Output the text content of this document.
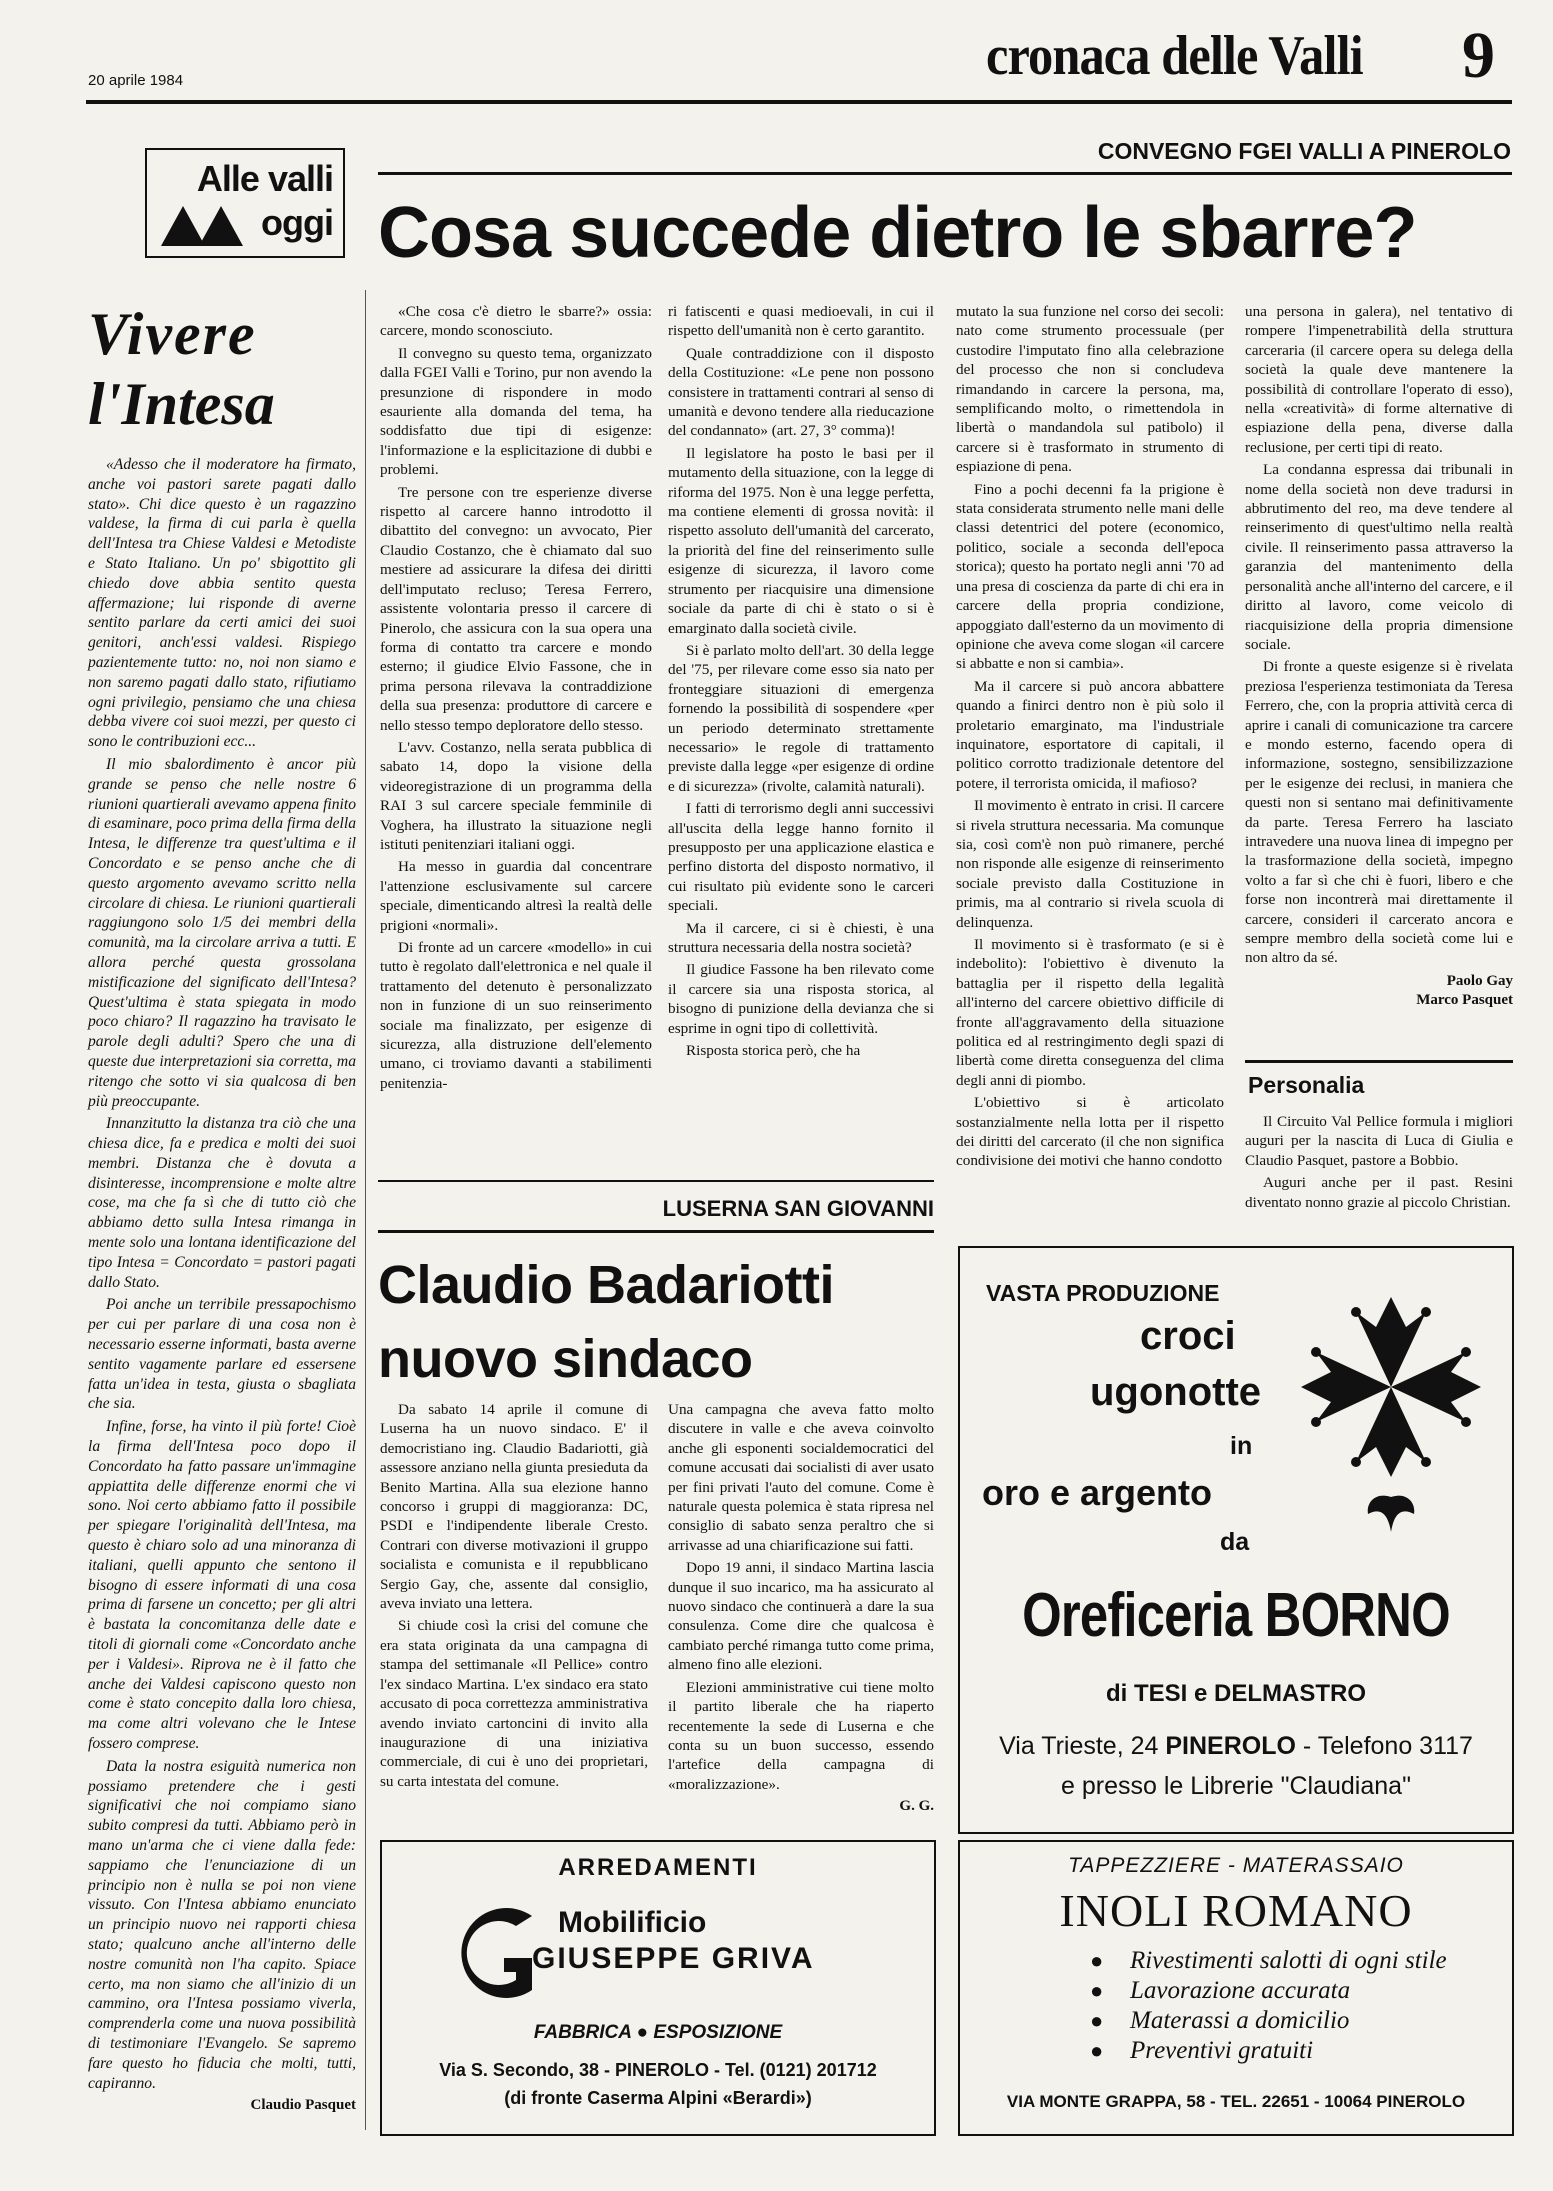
20 aprile 1984	cronaca delle Valli 9
Alle valli
oggi
Vivere
l'Intesa

«Adesso che il moderatore ha firmato, anche voi pastori sarete pagati dallo stato». Chi dice questo è un ragazzino valdese, la firma di cui parla è quella dell'Intesa tra Chiese Valdesi e Metodiste e Stato Italiano. Un po' sbigottito gli chiedo dove abbia sentito questa affermazione; lui risponde di averne sentito parlare da certi amici dei suoi genitori, anch'essi valdesi. Rispiego pazientemente tutto: no, noi non siamo e non saremo pagati dallo stato, rifiutiamo ogni privilegio, pensiamo che una chiesa debba vivere coi suoi mezzi, per questo ci sono le contribuzioni ecc...

Il mio sbalordimento è ancor più grande se penso che nelle nostre 6 riunioni quartierali avevamo appena finito di esaminare, poco prima della firma della Intesa, le differenze tra quest'ultima e il Concordato e se penso anche che di questo argomento avevamo scritto nella circolare di chiesa. Le riunioni quartierali raggiungono solo 1/5 dei membri della comunità, ma la circolare arriva a tutti. E allora perché questa grossolana mistificazione del significato dell'Intesa? Quest'ultima è stata spiegata in modo poco chiaro? Il ragazzino ha travisato le parole degli adulti? Spero che una di queste due interpretazioni sia corretta, ma ritengo che sotto vi sia qualcosa di ben più preoccupante.

Innanzitutto la distanza tra ciò che una chiesa dice, fa e predica e molti dei suoi membri. Distanza che è dovuta a disinteresse, incomprensione e molte altre cose, ma che fa sì che di tutto ciò che abbiamo detto sulla Intesa rimanga in mente solo una lontana identificazione del tipo Intesa = Concordato = pastori pagati dallo Stato.

Poi anche un terribile pressapochismo per cui per parlare di una cosa non è necessario esserne informati, basta averne sentito vagamente parlare ed essersene fatta un'idea in testa, giusta o sbagliata che sia.

Infine, forse, ha vinto il più forte! Cioè la firma dell'Intesa poco dopo il Concordato ha fatto passare un'immagine appiattita delle differenze enormi che vi sono. Noi certo abbiamo fatto il possibile per spiegare l'originalità dell'Intesa, ma questo è chiaro solo ad una minoranza di italiani, quelli appunto che sentono il bisogno di essere informati di una cosa prima di farsene un concetto; per gli altri è bastata la concomitanza delle date e titoli di giornali come «Concordato anche per i Valdesi». Riprova ne è il fatto che anche dei Valdesi capiscono questo non come è stato concepito dalla loro chiesa, ma come altri volevano che le Intese fossero comprese.

Data la nostra esiguità numerica non possiamo pretendere che i gesti significativi che noi compiamo siano subito compresi da tutti. Abbiamo però in mano un'arma che ci viene dalla fede: sappiamo che l'enunciazione di un principio non è nulla se poi non viene vissuto. Con l'Intesa abbiamo enunciato un principio nuovo nei rapporti chiesa stato; qualcuno anche all'interno delle nostre comunità non l'ha capito. Spiace certo, ma non siamo che all'inizio di un cammino, ora l'Intesa possiamo viverla, comprenderla come una nuova possibilità di testimoniare l'Evangelo. Se sapremo fare questo ho fiducia che molti, tutti, capiranno.

Claudio Pasquet
CONVEGNO FGEI VALLI A PINEROLO
Cosa succede dietro le sbarre?

«Che cosa c'è dietro le sbarre?» ossia: carcere, mondo sconosciuto.

Il convegno su questo tema, organizzato dalla FGEI Valli e Torino, pur non avendo la presunzione di rispondere in modo esauriente alla domanda del tema, ha soddisfatto due tipi di esigenze: l'informazione e la esplicitazione di dubbi e problemi.

Tre persone con tre esperienze diverse rispetto al carcere hanno introdotto il dibattito del convegno: un avvocato, Pier Claudio Costanzo, che è chiamato dal suo mestiere ad assicurare la difesa dei diritti dell'imputato recluso; Teresa Ferrero, assistente volontaria presso il carcere di Pinerolo, che assicura con la sua opera una forma di contatto tra carcere e mondo esterno; il giudice Elvio Fassone, che in prima persona rilevava la contraddizione della sua presenza: produttore di carcere e nello stesso tempo deploratore dello stesso.

L'avv. Costanzo, nella serata pubblica di sabato 14, dopo la visione della videoregistrazione di un programma della RAI 3 sul carcere speciale femminile di Voghera, ha illustrato la situazione negli istituti penitenziari italiani oggi.

Ha messo in guardia dal concentrare l'attenzione esclusivamente sul carcere speciale, dimenticando altresì la realtà delle prigioni «normali».

Di fronte ad un carcere «modello» in cui tutto è regolato dall'elettronica e nel quale il trattamento del detenuto è personalizzato non in funzione di un suo reinserimento sociale ma finalizzato, per esigenze di sicurezza, alla distruzione dell'elemento umano, ci troviamo davanti a stabilimenti penitenzia-

ri fatiscenti e quasi medioevali, in cui il rispetto dell'umanità non è certo garantito.

Quale contraddizione con il disposto della Costituzione: «Le pene non possono consistere in trattamenti contrari al senso di umanità e devono tendere alla rieducazione del condannato» (art. 27, 3° comma)!

Il legislatore ha posto le basi per il mutamento della situazione, con la legge di riforma del 1975. Non è una legge perfetta, ma contiene elementi di grossa novità: il rispetto assoluto dell'umanità del carcerato, la priorità del fine del reinserimento sulle esigenze di sicurezza, il lavoro come strumento per riacquisire una dimensione sociale da parte di chi è stato o si è emarginato dalla società civile.

Si è parlato molto dell'art. 30 della legge del '75, per rilevare come esso sia nato per fronteggiare situazioni di emergenza fornendo la possibilità di sospendere «per un periodo determinato strettamente necessario» le regole di trattamento previste dalla legge «per esigenze di ordine e di sicurezza» (rivolte, calamità naturali).

I fatti di terrorismo degli anni successivi all'uscita della legge hanno fornito il presupposto per una applicazione elastica e perfino distorta del disposto normativo, il cui risultato più evidente sono le carceri speciali.

Ma il carcere, ci si è chiesti, è una struttura necessaria della nostra società?

Il giudice Fassone ha ben rilevato come il carcere sia una risposta storica, al bisogno di punizione della devianza che si esprime in ogni tipo di collettività.

Risposta storica però, che ha

mutato la sua funzione nel corso dei secoli: nato come strumento processuale (per custodire l'imputato fino alla celebrazione del processo che non si concludeva rimandando in carcere la persona, ma, semplificando molto, o rimettendola in libertà o mandandola sul patibolo) il carcere si è trasformato in strumento di espiazione di pena.

Fino a pochi decenni fa la prigione è stata considerata strumento nelle mani delle classi detentrici del potere (economico, politico, sociale a seconda dell'epoca storica); questo ha portato negli anni '70 ad una presa di coscienza da parte di chi era in carcere della propria condizione, appoggiato dall'esterno da un movimento di opinione che aveva come slogan «il carcere si abbatte e non si cambia».

Ma il carcere si può ancora abbattere quando a finirci dentro non è più solo il proletario emarginato, ma l'industriale inquinatore, esportatore di capitali, il politico corrotto tradizionale detentore del potere, il terrorista omicida, il mafioso?

Il movimento è entrato in crisi. Il carcere si rivela struttura necessaria. Ma comunque sia, così com'è non può rimanere, perché non risponde alle esigenze di reinserimento sociale previsto dalla Costituzione in primis, ma al contrario si rivela scuola di delinquenza.

Il movimento si è trasformato (e si è indebolito): l'obiettivo è divenuto la battaglia per il rispetto della legalità all'interno del carcere obiettivo difficile di fronte all'aggravamento della situazione politica ed al restringimento degli spazi di libertà come diretta conseguenza del clima degli anni di piombo.

L'obiettivo si è articolato sostanzialmente nella lotta per il rispetto dei diritti del carcerato (il che non significa condivisione dei motivi che hanno condotto

una persona in galera), nel tentativo di rompere l'impenetrabilità della struttura carceraria (il carcere opera su delega della società la quale deve mantenere la possibilità di controllare l'operato di esso), nella «creatività» di forme alternative di espiazione della pena, diverse dalla reclusione, per certi tipi di reato.

La condanna espressa dai tribunali in nome della società non deve tradursi in abbrutimento del reo, ma deve tendere al reinserimento di quest'ultimo nella realtà civile. Il reinserimento passa attraverso la garanzia del mantenimento della personalità anche all'interno del carcere, e il diritto al lavoro, come veicolo di riacquisizione della propria dimensione sociale.

Di fronte a queste esigenze si è rivelata preziosa l'esperienza testimoniata da Teresa Ferrero, che, con la propria attività cerca di aprire i canali di comunicazione tra carcere e mondo esterno, facendo opera di informazione, sostegno, sensibilizzazione per le esigenze dei reclusi, in maniera che questi non si sentano mai definitivamente da parte. Teresa Ferrero ha lasciato intravedere una nuova linea di impegno per la trasformazione della società, impegno volto a far sì che chi è fuori, libero e che forse non incontrerà mai direttamente il carcere, consideri il carcerato ancora e sempre membro della società come lui e non altro da sé.

Paolo Gay
Marco Pasquet
Personalia

Il Circuito Val Pellice formula i migliori auguri per la nascita di Luca di Giulia e Claudio Pasquet, pastore a Bobbio.

Auguri anche per il past. Resini diventato nonno grazie al piccolo Christian.

LUSERNA SAN GIOVANNI
Claudio Badariotti
nuovo sindaco

Da sabato 14 aprile il comune di Luserna ha un nuovo sindaco. E' il democristiano ing. Claudio Badariotti, già assessore anziano nella giunta presieduta da Benito Martina. Alla sua elezione hanno concorso i gruppi di maggioranza: DC, PSDI e l'indipendente liberale Cresto. Contrari con diverse motivazioni il gruppo socialista e comunista e il repubblicano Sergio Gay, che, assente dal consiglio, aveva inviato una lettera.

Si chiude così la crisi del comune che era stata originata da una campagna di stampa del settimanale «Il Pellice» contro l'ex sindaco Martina. L'ex sindaco era stato accusato di poca correttezza amministrativa avendo inviato cartoncini di invito alla inaugurazione di una iniziativa commerciale, di cui è uno dei proprietari, su carta intestata del comune.

Una campagna che aveva fatto molto discutere in valle e che aveva coinvolto anche gli esponenti socialdemocratici del comune accusati dai socialisti di aver usato per fini privati l'auto del comune. Come è naturale questa polemica è stata ripresa nel consiglio di sabato senza peraltro che si arrivasse ad una chiarificazione sui fatti.

Dopo 19 anni, il sindaco Martina lascia dunque il suo incarico, ma ha assicurato al nuovo sindaco che continuerà a dare la sua consulenza. Come dire che qualcosa è cambiato perché rimanga tutto come prima, almeno fino alle elezioni.

Elezioni amministrative cui tiene molto il partito liberale che ha riaperto recentemente la sede di Luserna e che conta su un buon successo, essendo l'artefice della campagna di «moralizzazione».

G. G.
VASTA PRODUZIONE
croci
ugonotte
in
oro e argento
da
Oreficeria BORNO
di TESI e DELMASTRO
Via Trieste, 24 PINEROLO - Telefono 3117
e presso le Librerie "Claudiana"
ARREDAMENTI
Mobilificio
GIUSEPPE GRIVA
FABBRICA ● ESPOSIZIONE
Via S. Secondo, 38 - PINEROLO - Tel. (0121) 201712
(di fronte Caserma Alpini «Berardi»)
TAPPEZZIERE - MATERASSAIO
INOLI ROMANO
● Rivestimenti salotti di ogni stile
● Lavorazione accurata
● Materassi a domicilio
● Preventivi gratuiti
VIA MONTE GRAPPA, 58 - TEL. 22651 - 10064 PINEROLO
